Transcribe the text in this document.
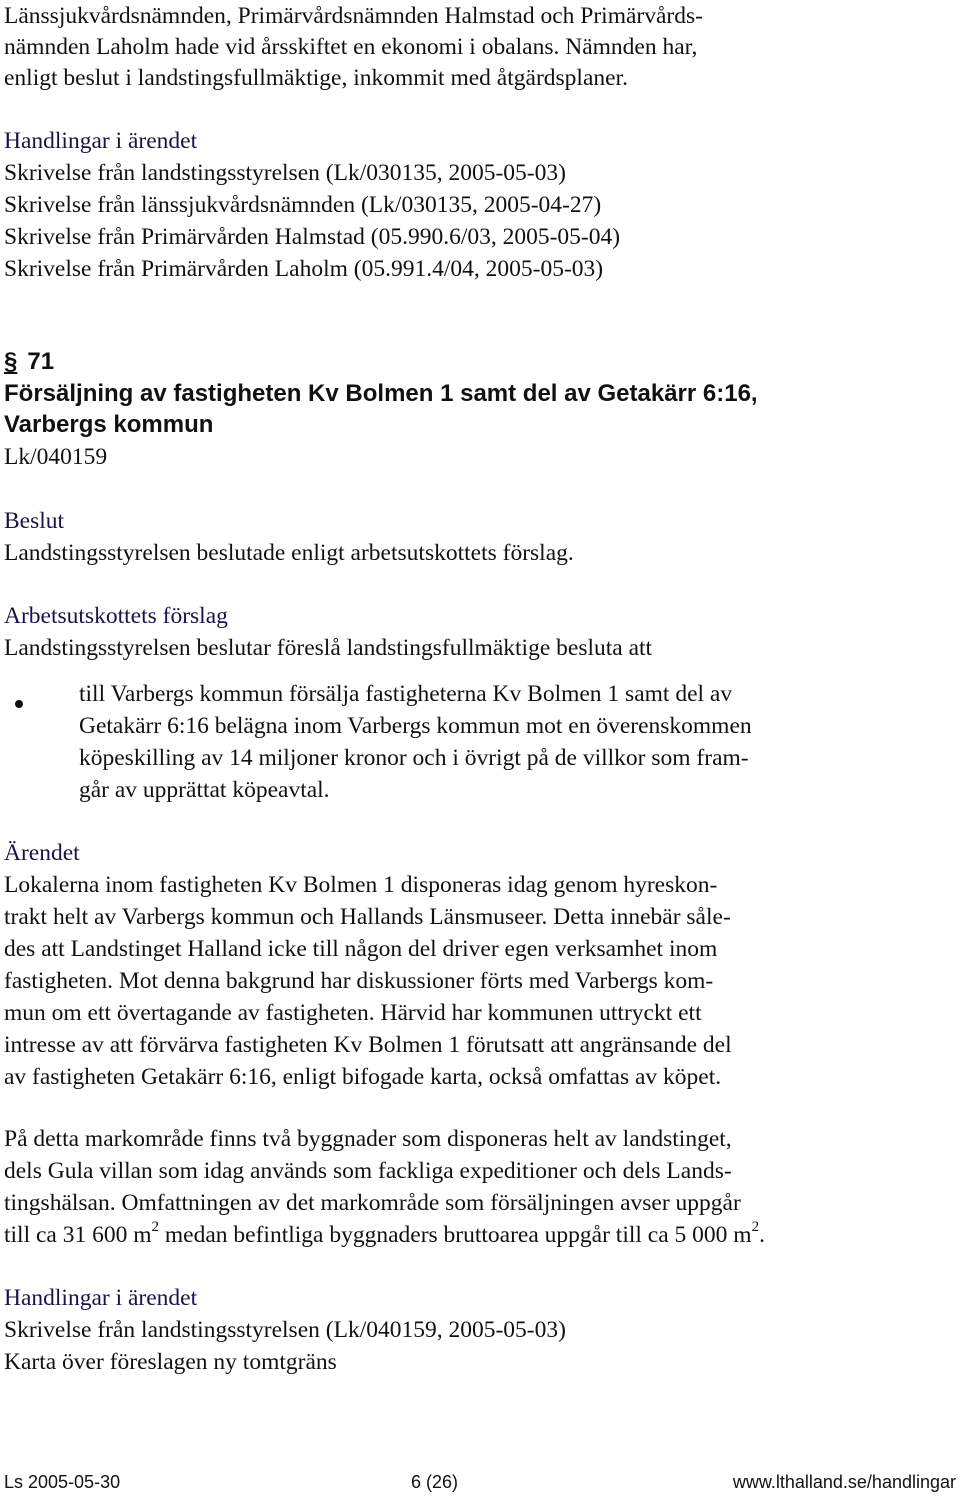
Länssjukvårdsnämnden, Primärvårdsnämnden Halmstad och Primärvårds-
nämnden Laholm hade vid årsskiftet en ekonomi i obalans. Nämnden har,
enligt beslut i landstingsfullmäktige, inkommit med åtgärdsplaner.
Handlingar i ärendet
Skrivelse från landstingsstyrelsen (Lk/030135, 2005-05-03)
Skrivelse från länssjukvårdsnämnden (Lk/030135, 2005-04-27)
Skrivelse från Primärvården Halmstad (05.990.6/03, 2005-05-04)
Skrivelse från Primärvården Laholm (05.991.4/04, 2005-05-03)
§ 71
Försäljning av fastigheten Kv Bolmen 1 samt del av Getakärr 6:16,
Varbergs kommun
Lk/040159
Beslut
Landstingsstyrelsen beslutade enligt arbetsutskottets förslag.
Arbetsutskottets förslag
Landstingsstyrelsen beslutar föreslå landstingsfullmäktige besluta att
till Varbergs kommun försälja fastigheterna Kv Bolmen 1 samt del av
Getakärr 6:16 belägna inom Varbergs kommun mot en överenskommen
köpeskilling av 14 miljoner kronor och i övrigt på de villkor som fram-
går av upprättat köpeavtal.
Ärendet
Lokalerna inom fastigheten Kv Bolmen 1 disponeras idag genom hyreskon-
trakt helt av Varbergs kommun och Hallands Länsmuseer. Detta innebär såle-
des att Landstinget Halland icke till någon del driver egen verksamhet inom
fastigheten. Mot denna bakgrund har diskussioner förts med Varbergs kom-
mun om ett övertagande av fastigheten. Härvid har kommunen uttryckt ett
intresse av att förvärva fastigheten Kv Bolmen 1 förutsatt att angränsande del
av fastigheten Getakärr 6:16, enligt bifogade karta, också omfattas av köpet.
På detta markområde finns två byggnader som disponeras helt av landstinget,
dels Gula villan som idag används som fackliga expeditioner och dels Lands-
tingshälsan. Omfattningen av det markområde som försäljningen avser uppgår
till ca 31 600 $m^2$ medan befintliga byggnaders bruttoarea uppgår till ca 5 000 $m^2$.
Handlingar i ärendet
Skrivelse från landstingsstyrelsen (Lk/040159, 2005-05-03)
Karta över föreslagen ny tomtgräns
Ls 2005-05-30	6 (26)	www.lthalland.se/handlingar
